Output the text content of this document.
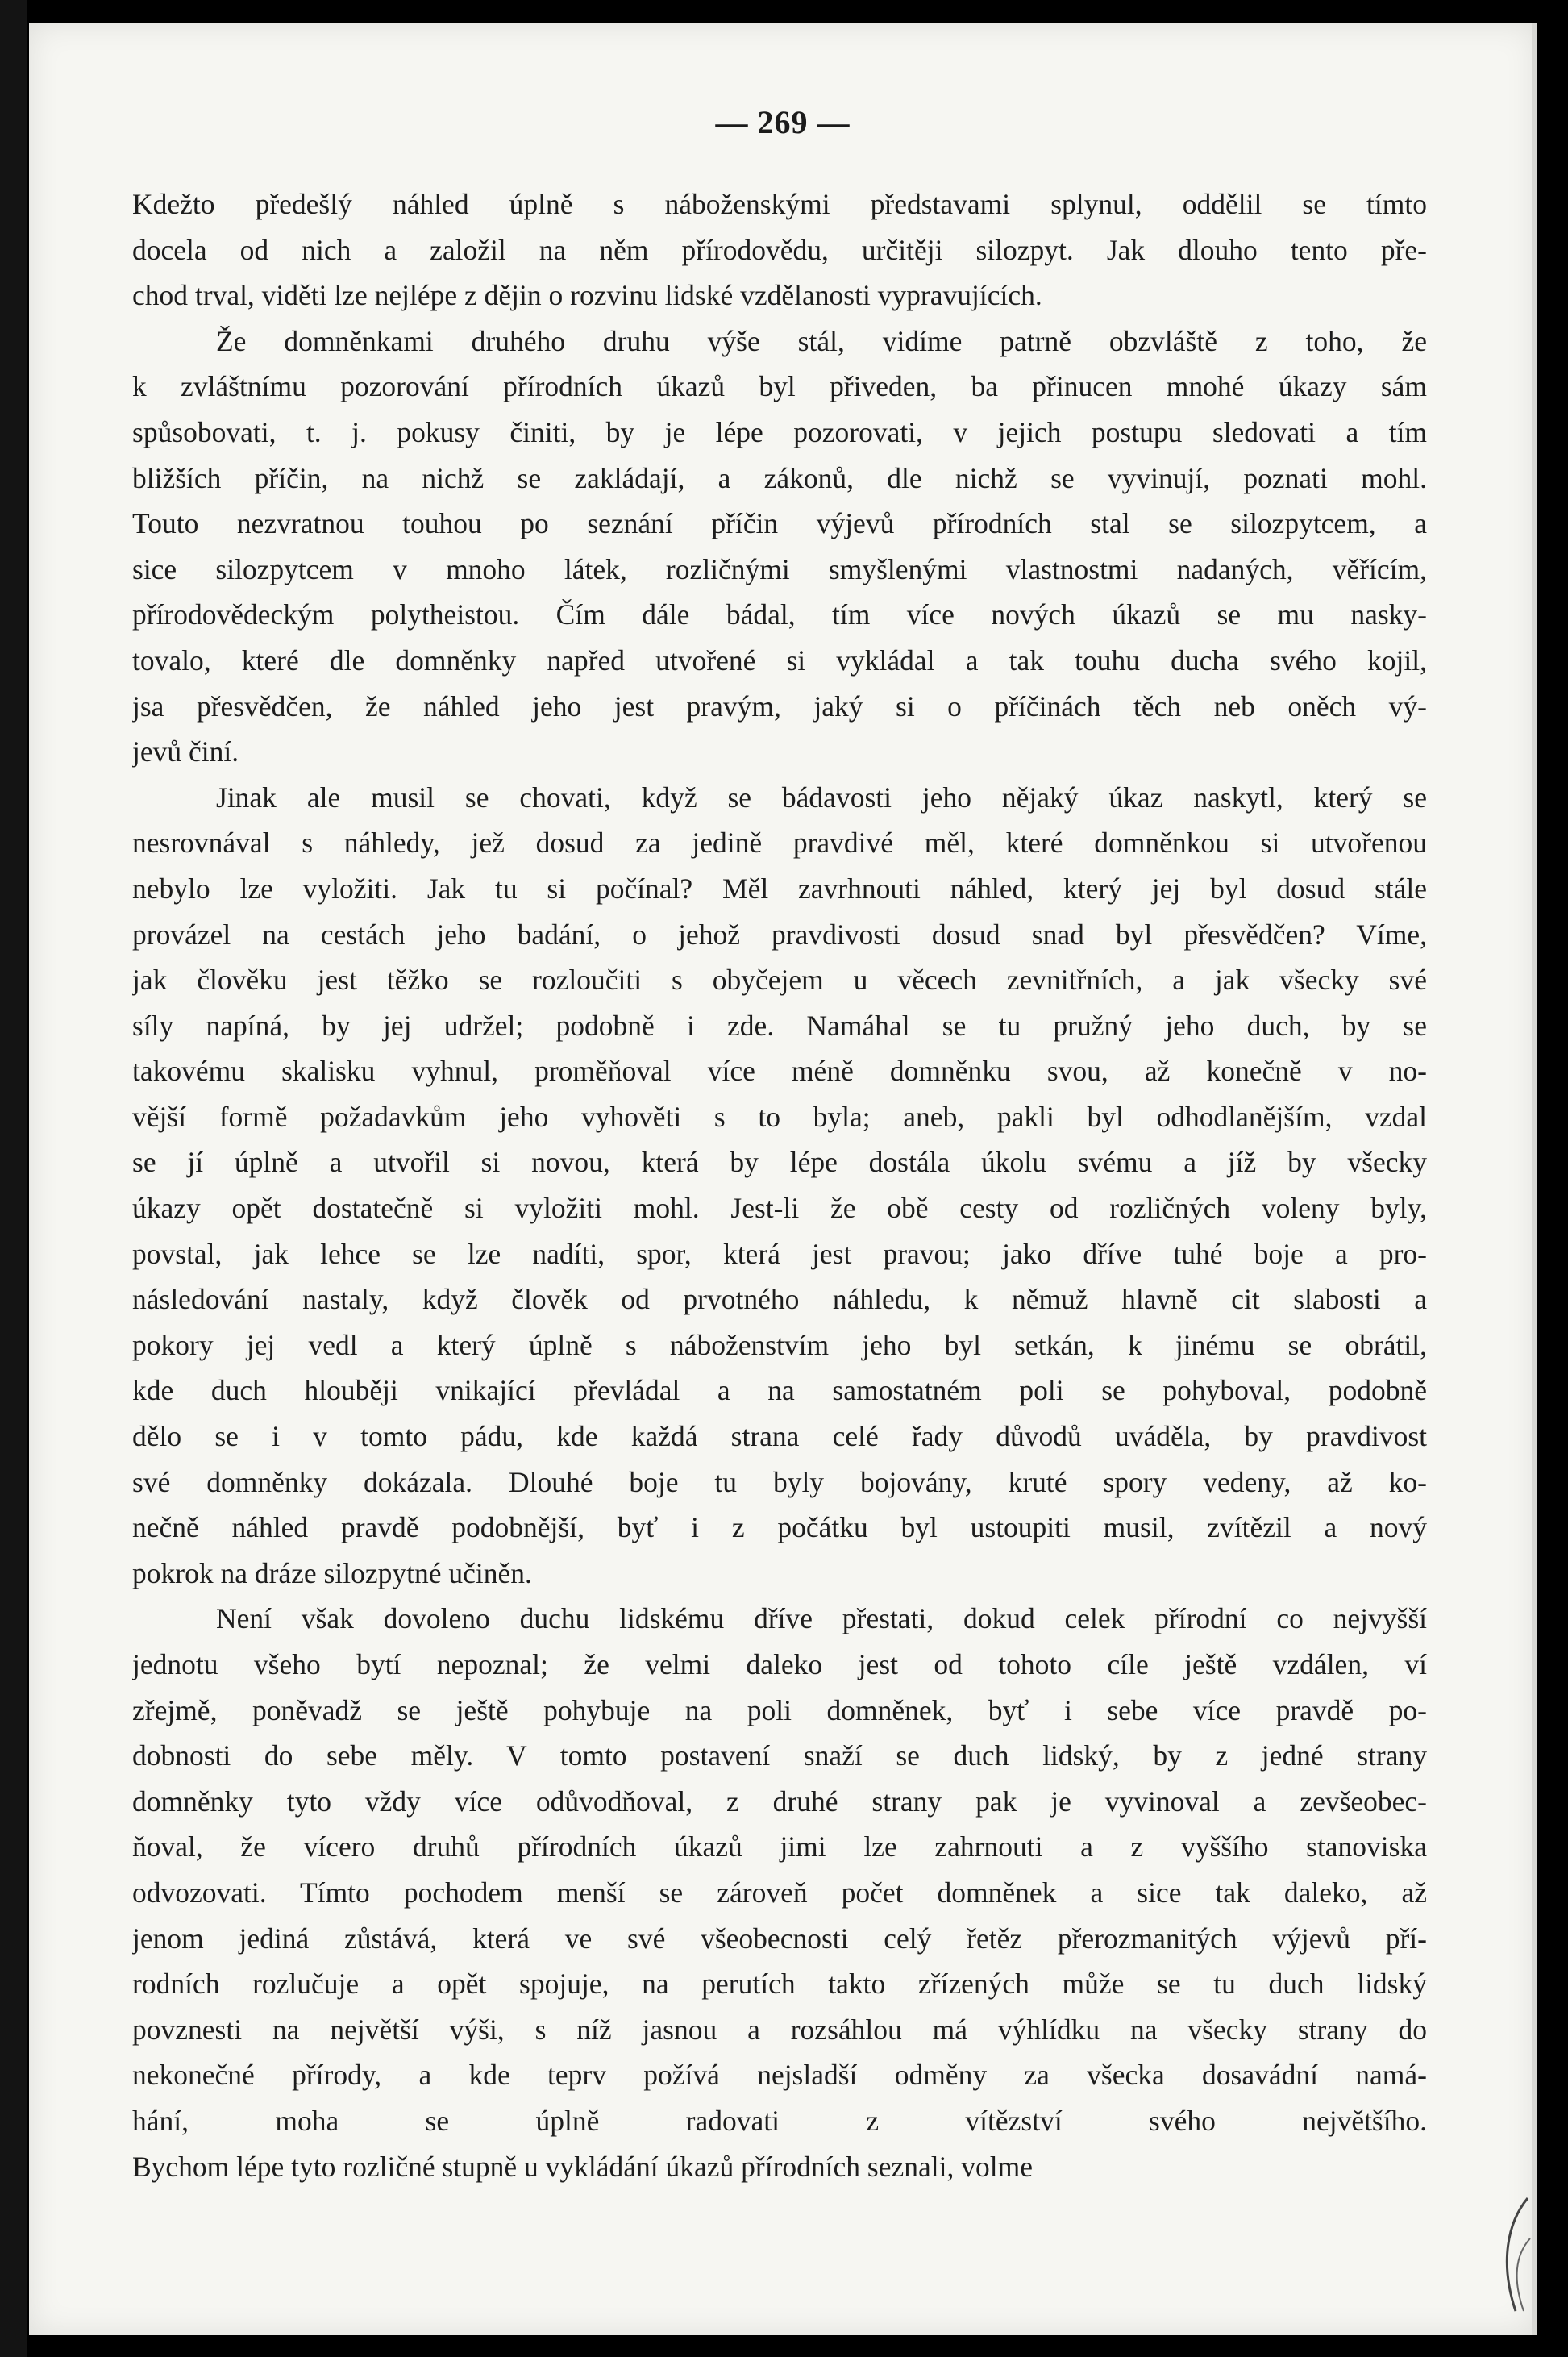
— 269 —
Kdežto předešlý náhled úplně s náboženskými představami splynul, oddělil se tímto
docela od nich a založil na něm přírodovědu, určitěji silozpyt. Jak dlouho tento pře-
chod trval, viděti lze nejlépe z dějin o rozvinu lidské vzdělanosti vypravujících.
Že domněnkami druhého druhu výše stál, vidíme patrně obzvláště z toho, že
k zvláštnímu pozorování přírodních úkazů byl přiveden, ba přinucen mnohé úkazy sám
spůsobovati, t. j. pokusy činiti, by je lépe pozorovati, v jejich postupu sledovati a tím
bližších příčin, na nichž se zakládají, a zákonů, dle nichž se vyvinují, poznati mohl.
Touto nezvratnou touhou po seznání příčin výjevů přírodních stal se silozpytcem, a
sice silozpytcem v mnoho látek, rozličnými smyšlenými vlastnostmi nadaných, věřícím,
přírodovědeckým polytheistou. Čím dále bádal, tím více nových úkazů se mu nasky-
tovalo, které dle domněnky napřed utvořené si vykládal a tak touhu ducha svého kojil,
jsa přesvědčen, že náhled jeho jest pravým, jaký si o příčinách těch neb oněch vý-
jevů činí.
Jinak ale musil se chovati, když se bádavosti jeho nějaký úkaz naskytl, který se
nesrovnával s náhledy, jež dosud za jedině pravdivé měl, které domněnkou si utvořenou
nebylo lze vyložiti. Jak tu si počínal? Měl zavrhnouti náhled, který jej byl dosud stále
provázel na cestách jeho badání, o jehož pravdivosti dosud snad byl přesvědčen? Víme,
jak člověku jest těžko se rozloučiti s obyčejem u věcech zevnitřních, a jak všecky své
síly napíná, by jej udržel; podobně i zde. Namáhal se tu pružný jeho duch, by se
takovému skalisku vyhnul, proměňoval více méně domněnku svou, až konečně v no-
vější formě požadavkům jeho vyhověti s to byla; aneb, pakli byl odhodlanějším, vzdal
se jí úplně a utvořil si novou, která by lépe dostála úkolu svému a jíž by všecky
úkazy opět dostatečně si vyložiti mohl. Jest-li že obě cesty od rozličných voleny byly,
povstal, jak lehce se lze nadíti, spor, která jest pravou; jako dříve tuhé boje a pro-
následování nastaly, když člověk od prvotného náhledu, k němuž hlavně cit slabosti a
pokory jej vedl a který úplně s náboženstvím jeho byl setkán, k jinému se obrátil,
kde duch hlouběji vnikající převládal a na samostatném poli se pohyboval, podobně
dělo se i v tomto pádu, kde každá strana celé řady důvodů uváděla, by pravdivost
své domněnky dokázala. Dlouhé boje tu byly bojovány, kruté spory vedeny, až ko-
nečně náhled pravdě podobnější, byť i z počátku byl ustoupiti musil, zvítězil a nový
pokrok na dráze silozpytné učiněn.
Není však dovoleno duchu lidskému dříve přestati, dokud celek přírodní co nejvyšší
jednotu všeho bytí nepoznal; že velmi daleko jest od tohoto cíle ještě vzdálen, ví
zřejmě, poněvadž se ještě pohybuje na poli domněnek, byť i sebe více pravdě po-
dobnosti do sebe měly. V tomto postavení snaží se duch lidský, by z jedné strany
domněnky tyto vždy více odůvodňoval, z druhé strany pak je vyvinoval a zevšeobec-
ňoval, že vícero druhů přírodních úkazů jimi lze zahrnouti a z vyššího stanoviska
odvozovati. Tímto pochodem menší se zároveň počet domněnek a sice tak daleko, až
jenom jediná zůstává, která ve své všeobecnosti celý řetěz přerozmanitých výjevů pří-
rodních rozlučuje a opět spojuje, na perutích takto zřízených může se tu duch lidský
povznesti na největší výši, s níž jasnou a rozsáhlou má výhlídku na všecky strany do
nekonečné přírody, a kde teprv požívá nejsladší odměny za všecka dosavádní namá-
hání, moha se úplně radovati z vítězství svého největšího.
Bychom lépe tyto rozličné stupně u vykládání úkazů přírodních seznali, volme
